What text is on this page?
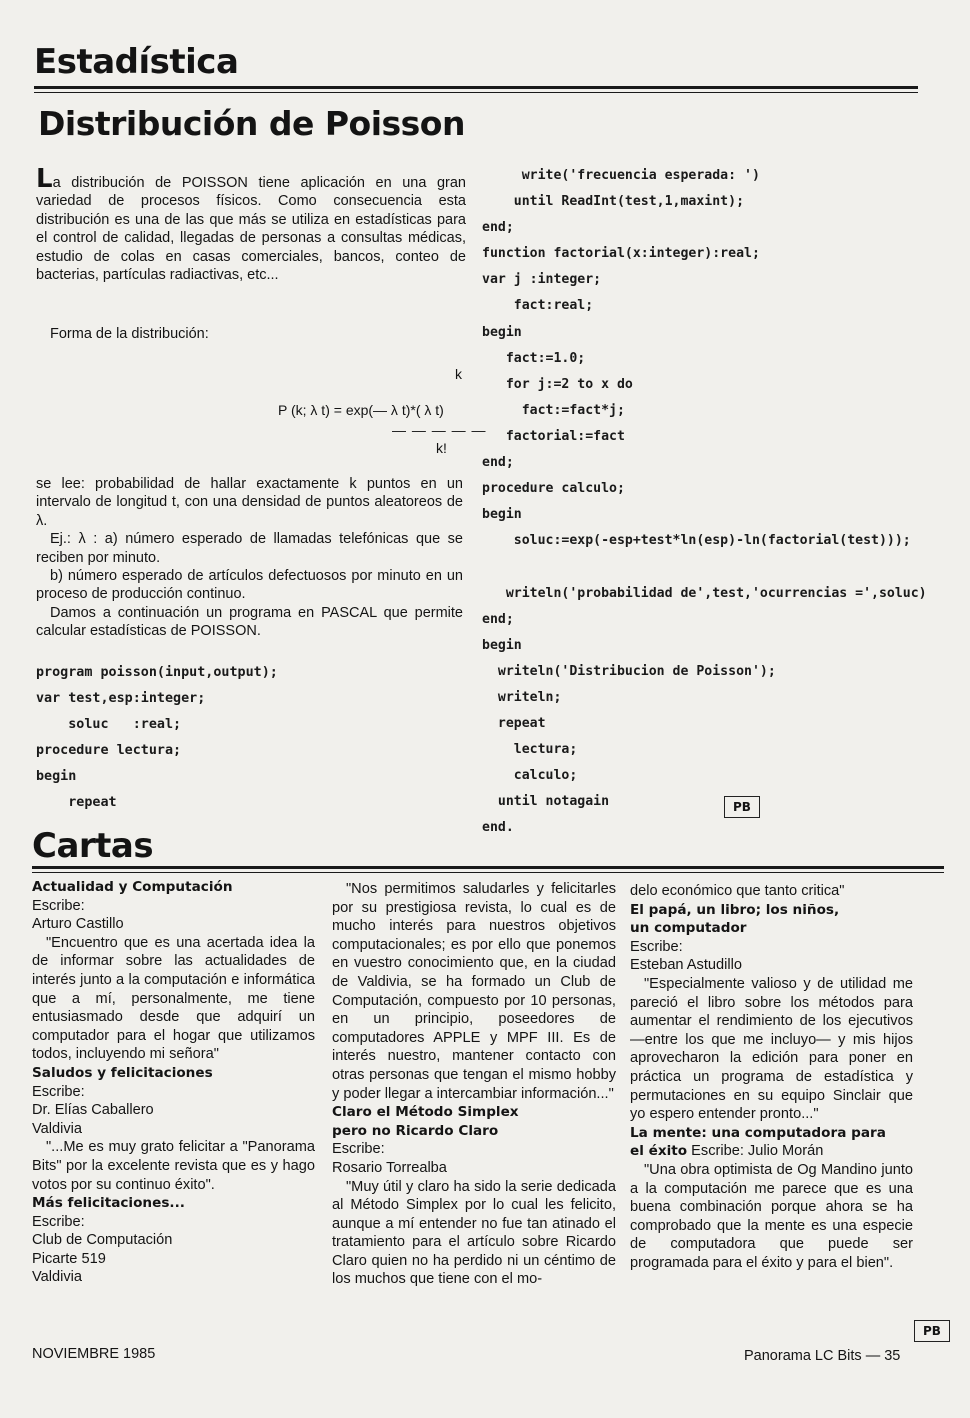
Estadística
Distribución de Poisson

La distribución de POISSON tiene aplicación en una gran variedad de procesos físicos. Como consecuencia esta distribución es una de las que más se utiliza en estadísticas para el control de calidad, llegadas de personas a consultas médicas, estudio de colas en casas comerciales, bancos, conteo de bacterias, partículas radiactivas, etc...

Forma de la distribución:
k
P (k; λ t) = exp(— λ t)*( λ t)
— — — — —
k!

se lee: probabilidad de hallar exactamente k puntos en un intervalo de longitud t, con una densidad de puntos aleatoreos de λ.

Ej.: λ : a) número esperado de llamadas telefónicas que se reciben por minuto.

b) número esperado de artículos defectuosos por minuto en un proceso de producción continuo.

Damos a continuación un programa en PASCAL que permite calcular estadísticas de POISSON.

program poisson(input,output);
var test,esp:integer;
soluc   :real;
procedure lectura;
begin
repeat
write('frecuencia esperada: ')
until ReadInt(test,1,maxint);
end;
function factorial(x:integer):real;
var j :integer;
fact:real;
begin
fact:=1.0;
for j:=2 to x do
fact:=fact*j;
factorial:=fact
end;
procedure calculo;
begin
soluc:=exp(-esp+test*ln(esp)-ln(factorial(test)));

writeln('probabilidad de',test,'ocurrencias =',soluc)
end;
begin
writeln('Distribucion de Poisson');
writeln;
repeat
lectura;
calculo;
until notagain
end.
PB
Cartas
Actualidad y Computación
Escribe:
Arturo Castillo
"Encuentro que es una acertada idea la de informar sobre las actualidades de interés junto a la computación e informática que a mí, personalmente, me tiene entusiasmado desde que adquirí un computador para el hogar que utilizamos todos, incluyendo mi señora"
Saludos y felicitaciones
Escribe:
Dr. Elías Caballero
Valdivia
"...Me es muy grato felicitar a "Panorama Bits" por la excelente revista que es y hago votos por su continuo éxito".
Más felicitaciones...
Escribe:
Club de Computación
Picarte 519
Valdivia
"Nos permitimos saludarles y felicitarles por su prestigiosa revista, lo cual es de mucho interés para nuestros objetivos computacionales; es por ello que ponemos en vuestro conocimiento que, en la ciudad de Valdivia, se ha formado un Club de Computación, compuesto por 10 personas, en un principio, poseedores de computadores APPLE y MPF III. Es de interés nuestro, mantener contacto con otras personas que tengan el mismo hobby y poder llegar a intercambiar información..."
Claro el Método Simplex
pero no Ricardo Claro
Escribe:
Rosario Torrealba
"Muy útil y claro ha sido la serie dedicada al Método Simplex por lo cual les felicito, aunque a mí entender no fue tan atinado el tratamiento para el artículo sobre Ricardo Claro quien no ha perdido ni un céntimo de los muchos que tiene con el mo-
delo económico que tanto critica"
El papá, un libro; los niños,
un computador
Escribe:
Esteban Astudillo
"Especialmente valioso y de utilidad me pareció el libro sobre los métodos para aumentar el rendimiento de los ejecutivos —entre los que me incluyo— y mis hijos aprovecharon la edición para poner en práctica un programa de estadística y permutaciones en su equipo Sinclair que yo espero entender pronto..."
La mente: una computadora para
el éxito Escribe: Julio Morán
"Una obra optimista de Og Mandino junto a la computación me parece que es una buena combinación porque ahora se ha comprobado que la mente es una especie de computadora que puede ser programada para el éxito y para el bien".
PB
NOVIEMBRE 1985	Panorama LC Bits — 35
